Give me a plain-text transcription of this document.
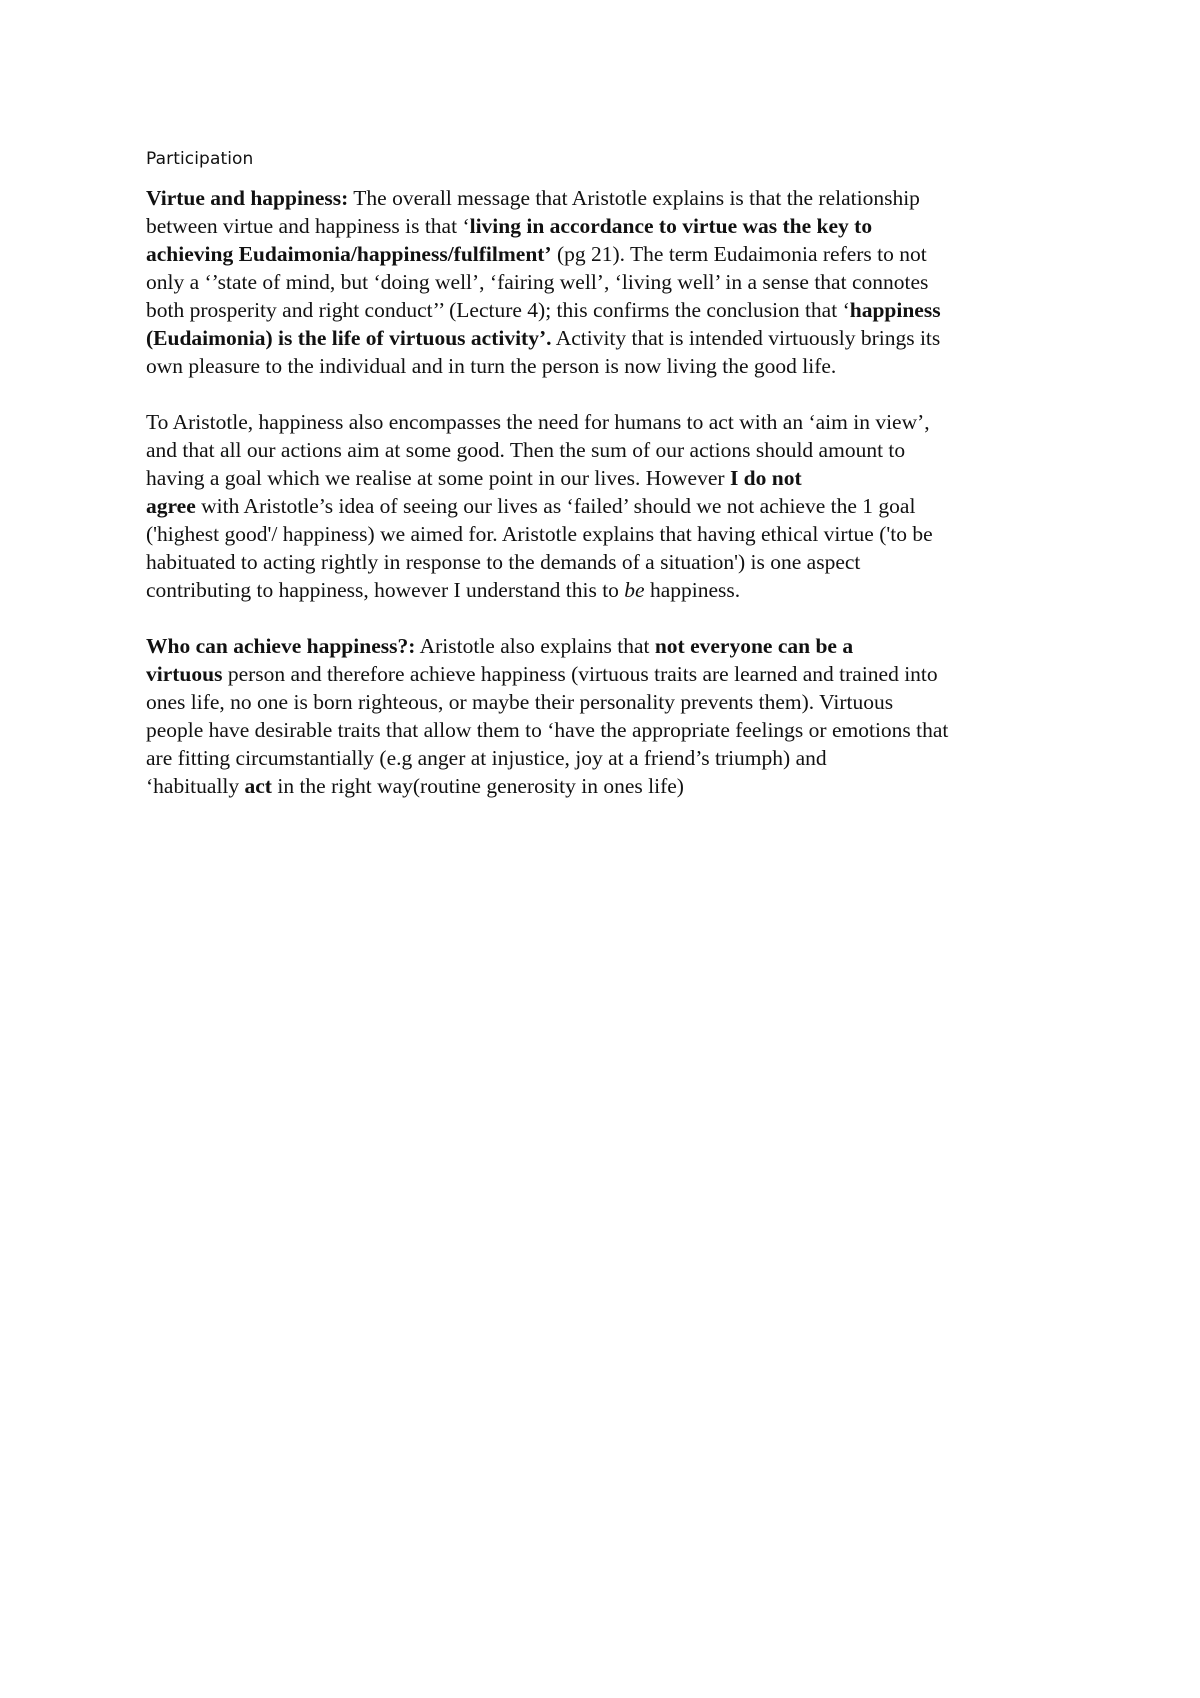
Participation
Virtue and happiness: The overall message that Aristotle explains is that the relationship
between virtue and happiness is that ‘living in accordance to virtue was the key to
achieving Eudaimonia/happiness/fulfilment’ (pg 21). The term Eudaimonia refers to not
only a ‘’state of mind, but ‘doing well’, ‘fairing well’, ‘living well’ in a sense that connotes
both prosperity and right conduct’’ (Lecture 4); this confirms the conclusion that ‘happiness
(Eudaimonia) is the life of virtuous activity’. Activity that is intended virtuously brings its
own pleasure to the individual and in turn the person is now living the good life.
To Aristotle, happiness also encompasses the need for humans to act with an ‘aim in view’,
and that all our actions aim at some good. Then the sum of our actions should amount to
having a goal which we realise at some point in our lives. However I do not
agree with Aristotle’s idea of seeing our lives as ‘failed’ should we not achieve the 1 goal
('highest good'/ happiness) we aimed for. Aristotle explains that having ethical virtue ('to be
habituated to acting rightly in response to the demands of a situation') is one aspect
contributing to happiness, however I understand this to be happiness.
Who can achieve happiness?: Aristotle also explains that not everyone can be a
virtuous person and therefore achieve happiness (virtuous traits are learned and trained into
ones life, no one is born righteous, or maybe their personality prevents them). Virtuous
people have desirable traits that allow them to ‘have the appropriate feelings or emotions that
are fitting circumstantially (e.g anger at injustice, joy at a friend’s triumph) and
‘habitually act in the right way(routine generosity in ones life)
